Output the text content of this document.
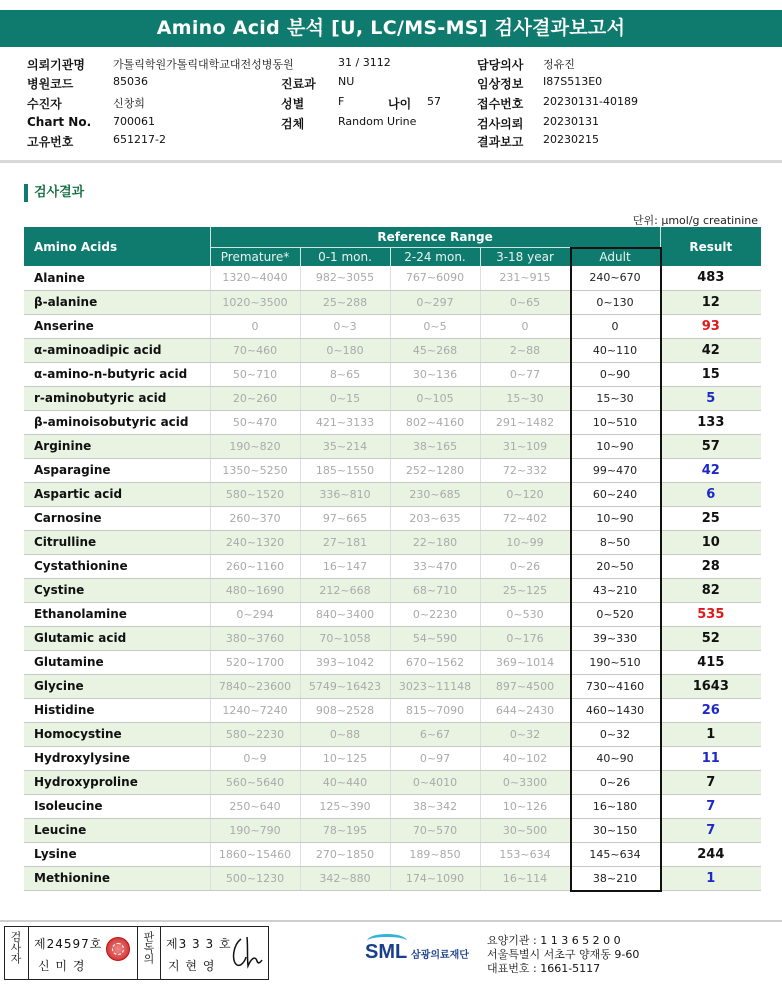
Amino Acid 분석 [U, LC/MS-MS] 검사결과보고서
의뢰기관명	가톨릭학원가톨릭대학교대전성병동원	31 / 3112	담당의사 정유진
병원코드	85036	진료과 NU	임상정보 I87S513E0
수진자	신창희	성별	F	나이 57	접수번호 20230131-40189
Chart No. 700061	검체	Random Urine	검사의뢰 20230131
고유번호	651217-2	결과보고 20230215
검사결과
단위: μmol/g creatinine
Amino Acids	Reference Range					Result
	Premature*	0-1 mon.	2-24 mon.	3-18 year	Adult	
Alanine	1320~4040	982~3055	767~6090	231~915	240~670	483
β-alanine	1020~3500	25~288	0~297	0~65	0~130	12
Anserine	0	0~3	0~5	0	0	93
α-aminoadipic acid	70~460	0~180	45~268	2~88	40~110	42
α-amino-n-butyric acid	50~710	8~65	30~136	0~77	0~90	15
r-aminobutyric acid	20~260	0~15	0~105	15~30	15~30	5
β-aminoisobutyric acid	50~470	421~3133	802~4160	291~1482	10~510	133
Arginine	190~820	35~214	38~165	31~109	10~90	57
Asparagine	1350~5250	185~1550	252~1280	72~332	99~470	42
Aspartic acid	580~1520	336~810	230~685	0~120	60~240	6
Carnosine	260~370	97~665	203~635	72~402	10~90	25
Citrulline	240~1320	27~181	22~180	10~99	8~50	10
Cystathionine	260~1160	16~147	33~470	0~26	20~50	28
Cystine	480~1690	212~668	68~710	25~125	43~210	82
Ethanolamine	0~294	840~3400	0~2230	0~530	0~520	535
Glutamic acid	380~3760	70~1058	54~590	0~176	39~330	52
Glutamine	520~1700	393~1042	670~1562	369~1014	190~510	415
Glycine	7840~23600	5749~16423	3023~11148	897~4500	730~4160	1643
Histidine	1240~7240	908~2528	815~7090	644~2430	460~1430	26
Homocystine	580~2230	0~88	6~67	0~32	0~32	1
Hydroxylysine	0~9	10~125	0~97	40~102	40~90	11
Hydroxyproline	560~5640	40~440	0~4010	0~3300	0~26	7
Isoleucine	250~640	125~390	38~342	10~126	16~180	7
Leucine	190~790	78~195	70~570	30~500	30~150	7
Lysine	1860~15460	270~1850	189~850	153~634	145~634	244
Methionine	500~1230	342~880	174~1090	16~114	38~210	1
검사자 제24597호
신 미 경
판독의 제3 3 3 호
지 현 영
SML 삼광의료재단
요양기관 : 1 1 3 6 5 2 0 0
서울특별시 서초구 양재동 9-60
대표번호 : 1661-5117
